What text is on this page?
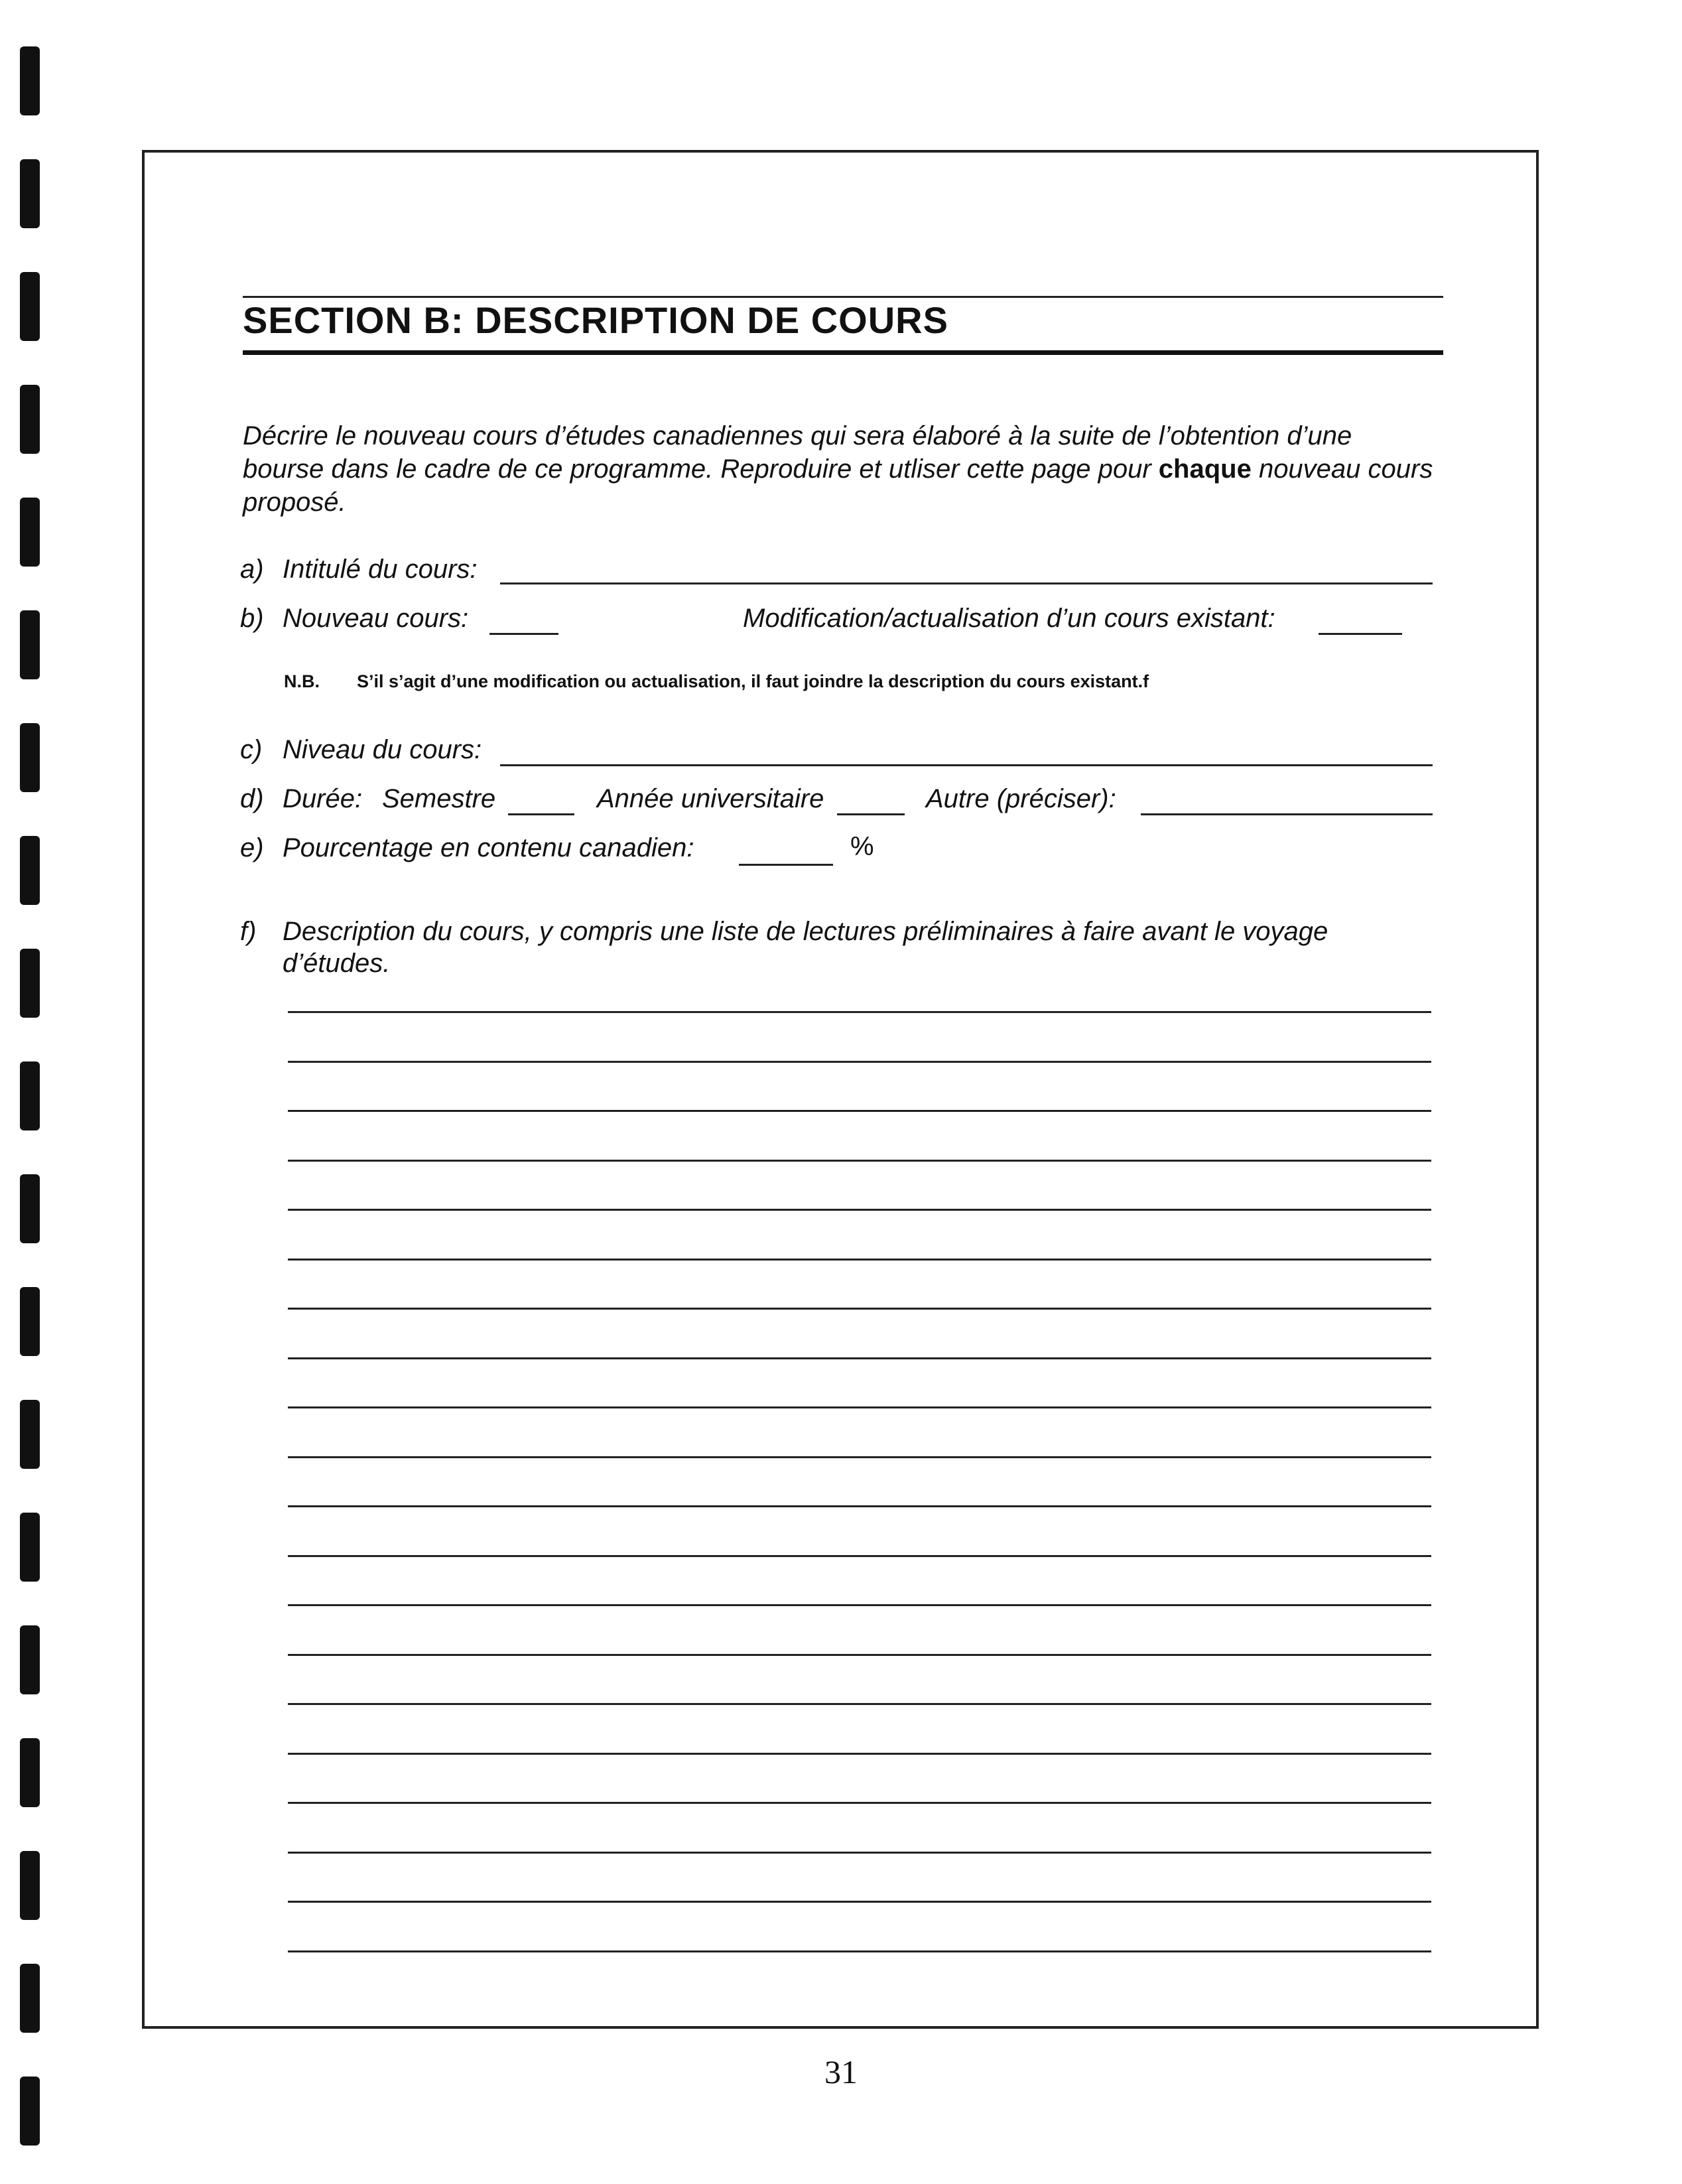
SECTION B: DESCRIPTION DE COURS
Décrire le nouveau cours d’études canadiennes qui sera élaboré à la suite de l’obtention d’une bourse dans le cadre de ce programme. Reproduire et utliser cette page pour chaque nouveau cours proposé.
a) Intitulé du cours:
b) Nouveau cours:	Modification/actualisation d’un cours existant:
N.B. S’il s’agit d’une modification ou actualisation, il faut joindre la description du cours existant.f
c) Niveau du cours:
d) Durée: Semestre	Année universitaire	Autre (préciser):
e) Pourcentage en contenu canadien:	%
f) Description du cours, y compris une liste de lectures préliminaires à faire avant le voyage
d’études.
31
